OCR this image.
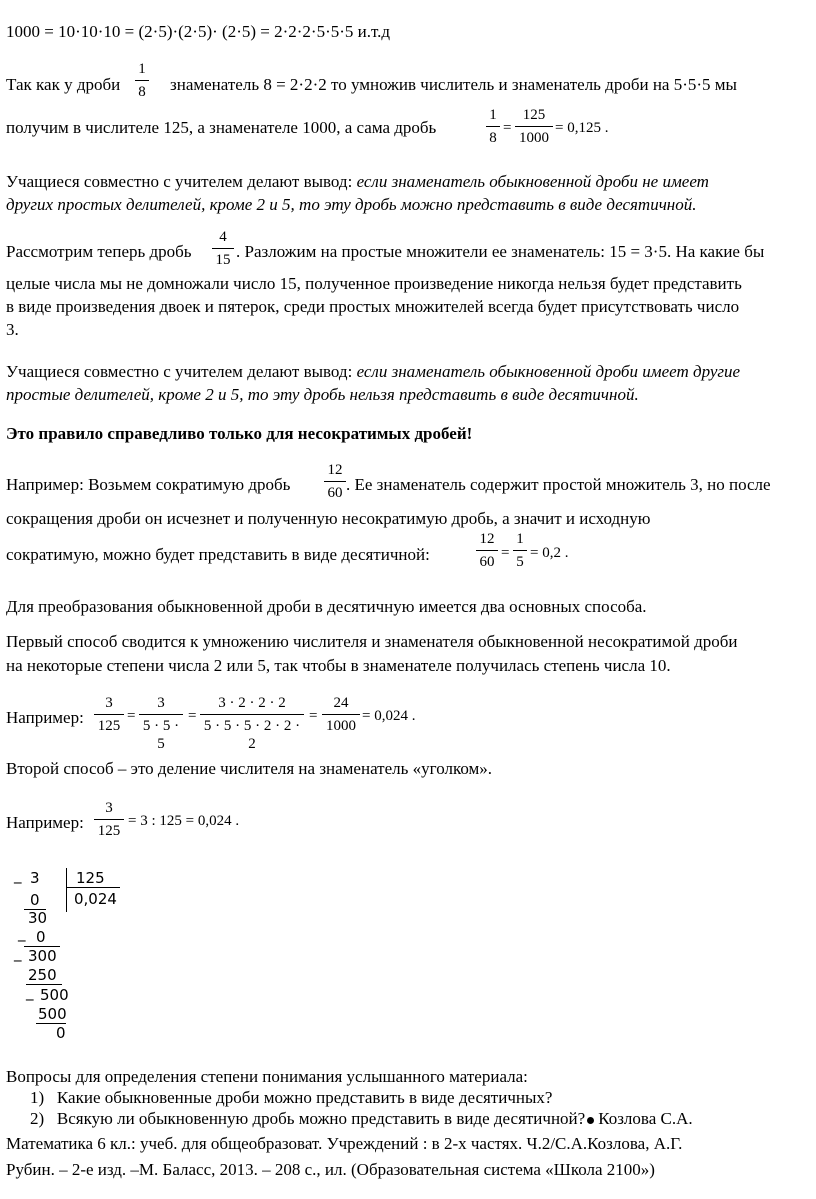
1000 = 10·10·10 = (2·5)·(2·5)· (2·5) = 2·2·2·5·5·5 и.т.д
Так как у дроби
1
8 знаменатель 8 = 2·2·2 то умножив числитель и знаменатель дроби на 5·5·5 мы
получим в числителе 125, а знаменателе 1000, а сама дробь
1
8
=
125
1000
= 0,125 .
Учащиеся совместно с учителем делают вывод: если знаменатель обыкновенной дроби не имеет
других простых делителей, кроме 2 и 5, то эту дробь можно представить в виде десятичной.
Рассмотрим теперь дробь
4
15 . Разложим на простые множители ее знаменатель: 15 = 3·5. На какие бы
целые числа мы не домножали число 15, полученное произведение никогда нельзя будет представить
в виде произведения двоек и пятерок, среди простых множителей всегда будет присутствовать число
3.
Учащиеся совместно с учителем делают вывод: если знаменатель обыкновенной дроби имеет другие
простые делителей, кроме 2 и 5, то эту дробь нельзя представить в виде десятичной.
Это правило справедливо только для несократимых дробей!
Например: Возьмем сократимую дробь
12
60 . Ее знаменатель содержит простой множитель 3, но после
сокращения дроби он исчезнет и полученную несократимую дробь, а значит и исходную
сократимую, можно будет представить в виде десятичной:
12
60
=
1
5
= 0,2 .
Для преобразования обыкновенной дроби в десятичную имеется два основных способа.
Первый способ сводится к умножению числителя и знаменателя обыкновенной несократимой дроби
на некоторые степени числа 2 или 5, так чтобы в знаменателе получилась степень числа 10.
Например:
3
125
=
3
5 · 5 · 5
=
3 · 2 · 2 · 2
5 · 5 · 5 · 2 · 2 · 2
=
24
1000
= 0,024 .
Второй способ – это деление числителя на знаменатель «уголком».
Например:
3
125
= 3 : 125 = 0,024 .
_ 3 125
0,024
0
30
_ 0
_ 300
250
_ 500
500
0
Вопросы для определения степени понимания услышанного материала:
1) Какие обыкновенные дроби можно представить в виде десятичных?
2) Всякую ли обыкновенную дробь можно представить в виде десятичной? Козлова С.А.
Математика 6 кл.: учеб. для общеобразоват. Учреждений : в 2-х частях. Ч.2/С.А.Козлова, А.Г.
Рубин. – 2-е изд. –М. Баласс, 2013. – 208 с., ил. (Образовательная система «Школа 2100»)
